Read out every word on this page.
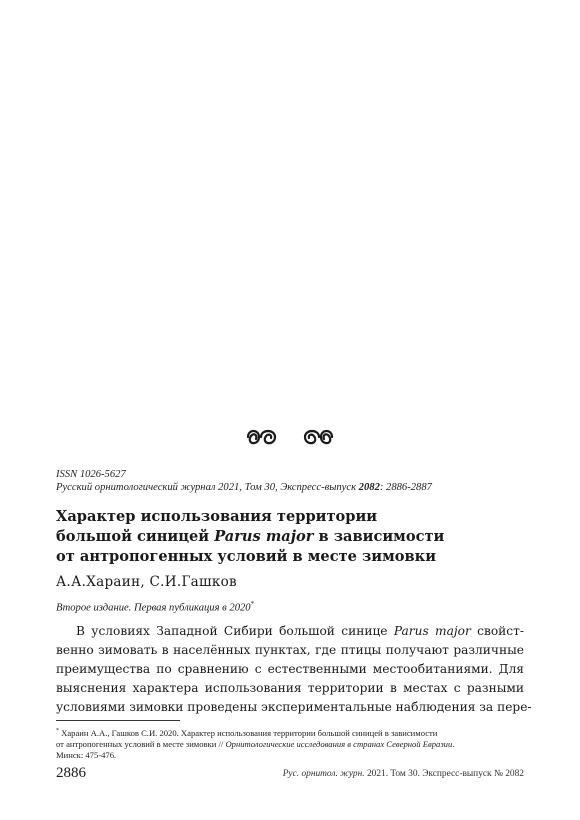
ISSN 1026-5627
Русский орнитологический журнал 2021, Том 30, Экспресс-выпуск 2082: 2886-2887
Характер использования территории
большой синицей Parus major в зависимости
от антропогенных условий в месте зимовки
А.А.Хараин, С.И.Гашков
Второе издание. Первая публикация в 2020*
В условиях Западной Сибири большой синице Parus major свойст-
венно зимовать в населённых пунктах, где птицы получают различные
преимущества по сравнению с естественными местообитаниями. Для
выяснения характера использования территории в местах с разными
условиями зимовки проведены экспериментальные наблюдения за пере-
* Хараин А.А., Гашков С.И. 2020. Характер использования территории большой синицей в зависимости
от антропогенных условий в месте зимовки // Орнитологические исследования в странах Северной Евразии.
Минск: 475-476.
2886	Рус. орнитол. журн. 2021. Том 30. Экспресс-выпуск № 2082
